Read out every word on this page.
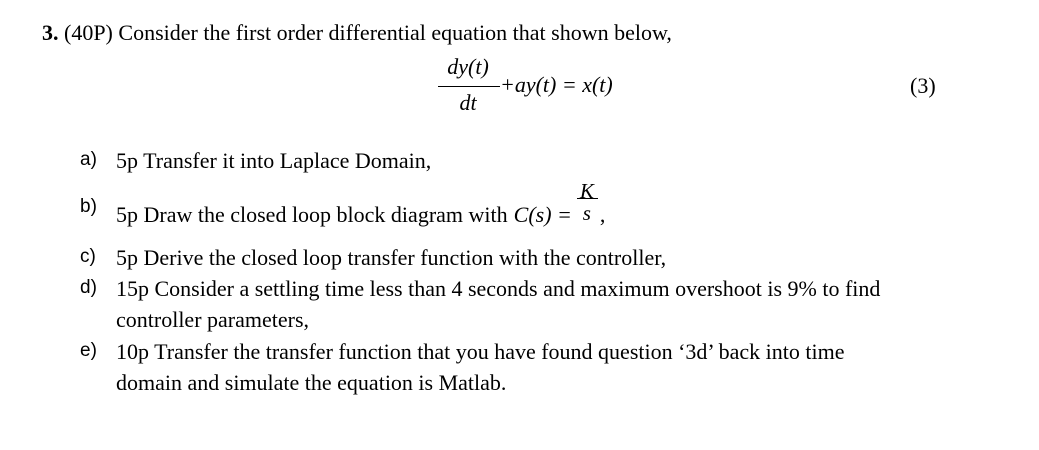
3. (40P) Consider the first order differential equation that shown below,
dy(t)
dt
+ay(t) = x(t)	(3)
a) 5p Transfer it into Laplace Domain,
b) 5p Draw the closed loop block diagram with C(s) =
K
s ,
c) 5p Derive the closed loop transfer function with the controller,
d) 15p Consider a settling time less than 4 seconds and maximum overshoot is 9% to find
controller parameters,
e) 10p Transfer the transfer function that you have found question ‘3d’ back into time
domain and simulate the equation is Matlab.
